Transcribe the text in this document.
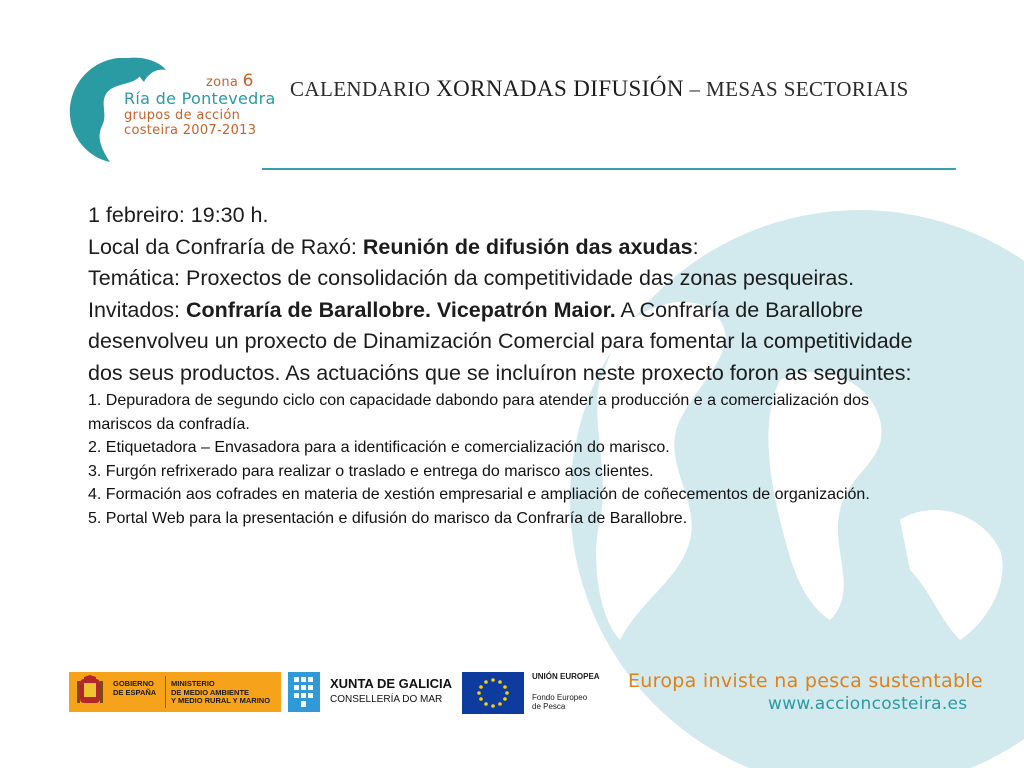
zona 6
Ría de Pontevedra
grupos de acción
costeira 2007-2013
CALENDARIO XORNADAS DIFUSIÓN – MESAS SECTORIAIS

1 febreiro: 19:30 h.

Local da Confraría de Raxó: Reunión de difusión das axudas:

Temática: Proxectos de consolidación da competitividade das zonas pesqueiras.

Invitados: Confraría de Barallobre. Vicepatrón Maior. A Confraría de Barallobre desenvolveu un proxecto de Dinamización Comercial para fomentar la competitividade dos seus productos. As actuacións que se incluíron neste proxecto foron as seguintes:

1. Depuradora de segundo ciclo con capacidade dabondo para atender a producción e a comercialización dos mariscos da confradía.

2. Etiquetadora – Envasadora para a identificación e comercialización do marisco.

3. Furgón refrixerado para realizar o traslado e entrega do marisco aos clientes.

4. Formación aos cofrades en materia de xestión empresarial e ampliación de coñecementos de organización.

5. Portal Web para la presentación e difusión do marisco da Confraría de Barallobre.

GOBIERNO
DE ESPAÑA
MINISTERIO
DE MEDIO AMBIENTE
Y MEDIO RURAL Y MARINO
XUNTA DE GALICIA
CONSELLERÍA DO MAR
UNIÓN EUROPEA
Fondo Europeo
de Pesca
Europa inviste na pesca sustentable
www.accioncosteira.es
